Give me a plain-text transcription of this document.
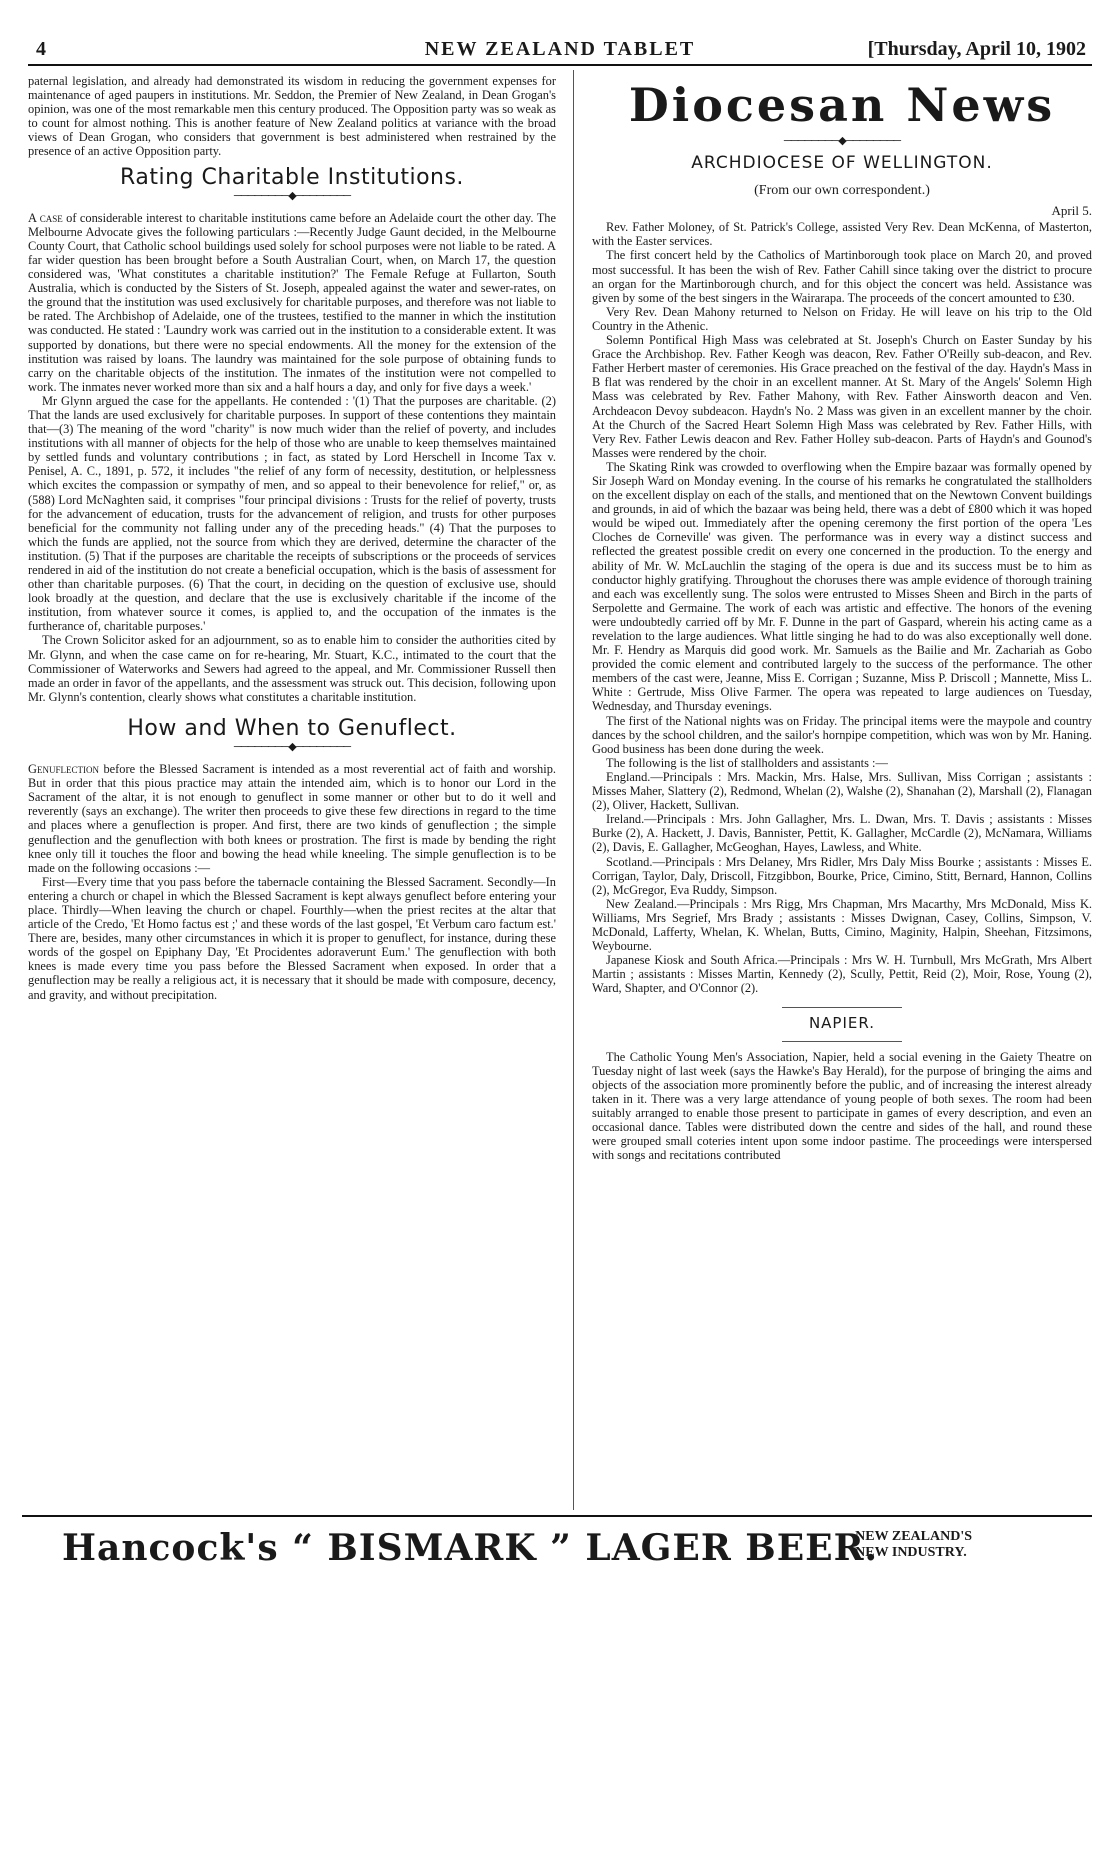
4	NEW ZEALAND TABLET	[Thursday, April 10, 1902

paternal legislation, and already had demonstrated its wisdom in reducing the government expenses for maintenance of aged paupers in institutions. Mr. Seddon, the Premier of New Zealand, in Dean Grogan's opinion, was one of the most remarkable men this century produced. The Opposition party was so weak as to count for almost nothing. This is another feature of New Zealand politics at variance with the broad views of Dean Grogan, who considers that government is best administered when restrained by the presence of an active Opposition party.

Rating Charitable Institutions.
────────◆────────

A case of considerable interest to charitable institutions came before an Adelaide court the other day. The Melbourne Advocate gives the following particulars :—Recently Judge Gaunt decided, in the Melbourne County Court, that Catholic school buildings used solely for school purposes were not liable to be rated. A far wider question has been brought before a South Australian Court, when, on March 17, the question considered was, 'What constitutes a charitable institution?' The Female Refuge at Fullarton, South Australia, which is conducted by the Sisters of St. Joseph, appealed against the water and sewer-rates, on the ground that the institution was used exclusively for charitable purposes, and therefore was not liable to be rated. The Archbishop of Adelaide, one of the trustees, testified to the manner in which the institution was conducted. He stated : 'Laundry work was carried out in the institution to a considerable extent. It was supported by donations, but there were no special endowments. All the money for the extension of the institution was raised by loans. The laundry was maintained for the sole purpose of obtaining funds to carry on the charitable objects of the institution. The inmates of the institution were not compelled to work. The inmates never worked more than six and a half hours a day, and only for five days a week.'

Mr Glynn argued the case for the appellants. He contended : '(1) That the purposes are charitable. (2) That the lands are used exclusively for charitable purposes. In support of these contentions they maintain that—(3) The meaning of the word "charity" is now much wider than the relief of poverty, and includes institutions with all manner of objects for the help of those who are unable to keep themselves maintained by settled funds and voluntary contributions ; in fact, as stated by Lord Herschell in Income Tax v. Penisel, A. C., 1891, p. 572, it includes "the relief of any form of necessity, destitution, or helplessness which excites the compassion or sympathy of men, and so appeal to their benevolence for relief," or, as (588) Lord McNaghten said, it comprises "four principal divisions : Trusts for the relief of poverty, trusts for the advancement of education, trusts for the advancement of religion, and trusts for other purposes beneficial for the community not falling under any of the preceding heads." (4) That the purposes to which the funds are applied, not the source from which they are derived, determine the character of the institution. (5) That if the purposes are charitable the receipts of subscriptions or the proceeds of services rendered in aid of the institution do not create a beneficial occupation, which is the basis of assessment for other than charitable purposes. (6) That the court, in deciding on the question of exclusive use, should look broadly at the question, and declare that the use is exclusively charitable if the income of the institution, from whatever source it comes, is applied to, and the occupation of the inmates is the furtherance of, charitable purposes.'

The Crown Solicitor asked for an adjournment, so as to enable him to consider the authorities cited by Mr. Glynn, and when the case came on for re-hearing, Mr. Stuart, K.C., intimated to the court that the Commissioner of Waterworks and Sewers had agreed to the appeal, and Mr. Commissioner Russell then made an order in favor of the appellants, and the assessment was struck out. This decision, following upon Mr. Glynn's contention, clearly shows what constitutes a charitable institution.

How and When to Genuflect.
────────◆────────

Genuflection before the Blessed Sacrament is intended as a most reverential act of faith and worship. But in order that this pious practice may attain the intended aim, which is to honor our Lord in the Sacrament of the altar, it is not enough to genuflect in some manner or other but to do it well and reverently (says an exchange). The writer then proceeds to give these few directions in regard to the time and places where a genuflection is proper. And first, there are two kinds of genuflection ; the simple genuflection and the genuflection with both knees or prostration. The first is made by bending the right knee only till it touches the floor and bowing the head while kneeling. The simple genuflection is to be made on the following occasions :—

First—Every time that you pass before the tabernacle containing the Blessed Sacrament. Secondly—In entering a church or chapel in which the Blessed Sacrament is kept always genuflect before entering your place. Thirdly—When leaving the church or chapel. Fourthly—when the priest recites at the altar that article of the Credo, 'Et Homo factus est ;' and these words of the last gospel, 'Et Verbum caro factum est.' There are, besides, many other circumstances in which it is proper to genuflect, for instance, during these words of the gospel on Epiphany Day, 'Et Procidentes adoraverunt Eum.' The genuflection with both knees is made every time you pass before the Blessed Sacrament when exposed. In order that a genuflection may be really a religious act, it is necessary that it should be made with composure, decency, and gravity, and without precipitation.

Diocesan News
────────◆────────
ARCHDIOCESE OF WELLINGTON.
(From our own correspondent.)
April 5.

Rev. Father Moloney, of St. Patrick's College, assisted Very Rev. Dean McKenna, of Masterton, with the Easter services.

The first concert held by the Catholics of Martinborough took place on March 20, and proved most successful. It has been the wish of Rev. Father Cahill since taking over the district to procure an organ for the Martinborough church, and for this object the concert was held. Assistance was given by some of the best singers in the Wairarapa. The proceeds of the concert amounted to £30.

Very Rev. Dean Mahony returned to Nelson on Friday. He will leave on his trip to the Old Country in the Athenic.

Solemn Pontifical High Mass was celebrated at St. Joseph's Church on Easter Sunday by his Grace the Archbishop. Rev. Father Keogh was deacon, Rev. Father O'Reilly sub-deacon, and Rev. Father Herbert master of ceremonies. His Grace preached on the festival of the day. Haydn's Mass in B flat was rendered by the choir in an excellent manner. At St. Mary of the Angels' Solemn High Mass was celebrated by Rev. Father Mahony, with Rev. Father Ainsworth deacon and Ven. Archdeacon Devoy subdeacon. Haydn's No. 2 Mass was given in an excellent manner by the choir. At the Church of the Sacred Heart Solemn High Mass was celebrated by Rev. Father Hills, with Very Rev. Father Lewis deacon and Rev. Father Holley sub-deacon. Parts of Haydn's and Gounod's Masses were rendered by the choir.

The Skating Rink was crowded to overflowing when the Empire bazaar was formally opened by Sir Joseph Ward on Monday evening. In the course of his remarks he congratulated the stallholders on the excellent display on each of the stalls, and mentioned that on the Newtown Convent buildings and grounds, in aid of which the bazaar was being held, there was a debt of £800 which it was hoped would be wiped out. Immediately after the opening ceremony the first portion of the opera 'Les Cloches de Corneville' was given. The performance was in every way a distinct success and reflected the greatest possible credit on every one concerned in the production. To the energy and ability of Mr. W. McLauchlin the staging of the opera is due and its success must be to him as conductor highly gratifying. Throughout the choruses there was ample evidence of thorough training and each was excellently sung. The solos were entrusted to Misses Sheen and Birch in the parts of Serpolette and Germaine. The work of each was artistic and effective. The honors of the evening were undoubtedly carried off by Mr. F. Dunne in the part of Gaspard, wherein his acting came as a revelation to the large audiences. What little singing he had to do was also exceptionally well done. Mr. F. Hendry as Marquis did good work. Mr. Samuels as the Bailie and Mr. Zachariah as Gobo provided the comic element and contributed largely to the success of the performance. The other members of the cast were, Jeanne, Miss E. Corrigan ; Suzanne, Miss P. Driscoll ; Mannette, Miss L. White : Gertrude, Miss Olive Farmer. The opera was repeated to large audiences on Tuesday, Wednesday, and Thursday evenings.

The first of the National nights was on Friday. The principal items were the maypole and country dances by the school children, and the sailor's hornpipe competition, which was won by Mr. Haning. Good business has been done during the week.

The following is the list of stallholders and assistants :—

England.—Principals : Mrs. Mackin, Mrs. Halse, Mrs. Sullivan, Miss Corrigan ; assistants : Misses Maher, Slattery (2), Redmond, Whelan (2), Walshe (2), Shanahan (2), Marshall (2), Flanagan (2), Oliver, Hackett, Sullivan.

Ireland.—Principals : Mrs. John Gallagher, Mrs. L. Dwan, Mrs. T. Davis ; assistants : Misses Burke (2), A. Hackett, J. Davis, Bannister, Pettit, K. Gallagher, McCardle (2), McNamara, Williams (2), Davis, E. Gallagher, McGeoghan, Hayes, Lawless, and White.

Scotland.—Principals : Mrs Delaney, Mrs Ridler, Mrs Daly Miss Bourke ; assistants : Misses E. Corrigan, Taylor, Daly, Driscoll, Fitzgibbon, Bourke, Price, Cimino, Stitt, Bernard, Hannon, Collins (2), McGregor, Eva Ruddy, Simpson.

New Zealand.—Principals : Mrs Rigg, Mrs Chapman, Mrs Macarthy, Mrs McDonald, Miss K. Williams, Mrs Segrief, Mrs Brady ; assistants : Misses Dwignan, Casey, Collins, Simpson, V. McDonald, Lafferty, Whelan, K. Whelan, Butts, Cimino, Maginity, Halpin, Sheehan, Fitzsimons, Weybourne.

Japanese Kiosk and South Africa.—Principals : Mrs W. H. Turnbull, Mrs McGrath, Mrs Albert Martin ; assistants : Misses Martin, Kennedy (2), Scully, Pettit, Reid (2), Moir, Rose, Young (2), Ward, Shapter, and O'Connor (2).

NAPIER.

The Catholic Young Men's Association, Napier, held a social evening in the Gaiety Theatre on Tuesday night of last week (says the Hawke's Bay Herald), for the purpose of bringing the aims and objects of the association more prominently before the public, and of increasing the interest already taken in it. There was a very large attendance of young people of both sexes. The room had been suitably arranged to enable those present to participate in games of every description, and even an occasional dance. Tables were distributed down the centre and sides of the hall, and round these were grouped small coteries intent upon some indoor pastime. The proceedings were interspersed with songs and recitations contributed

Hancock's “ BISMARK ” LAGER BEER.
NEW ZEALAND'S
NEW INDUSTRY.
